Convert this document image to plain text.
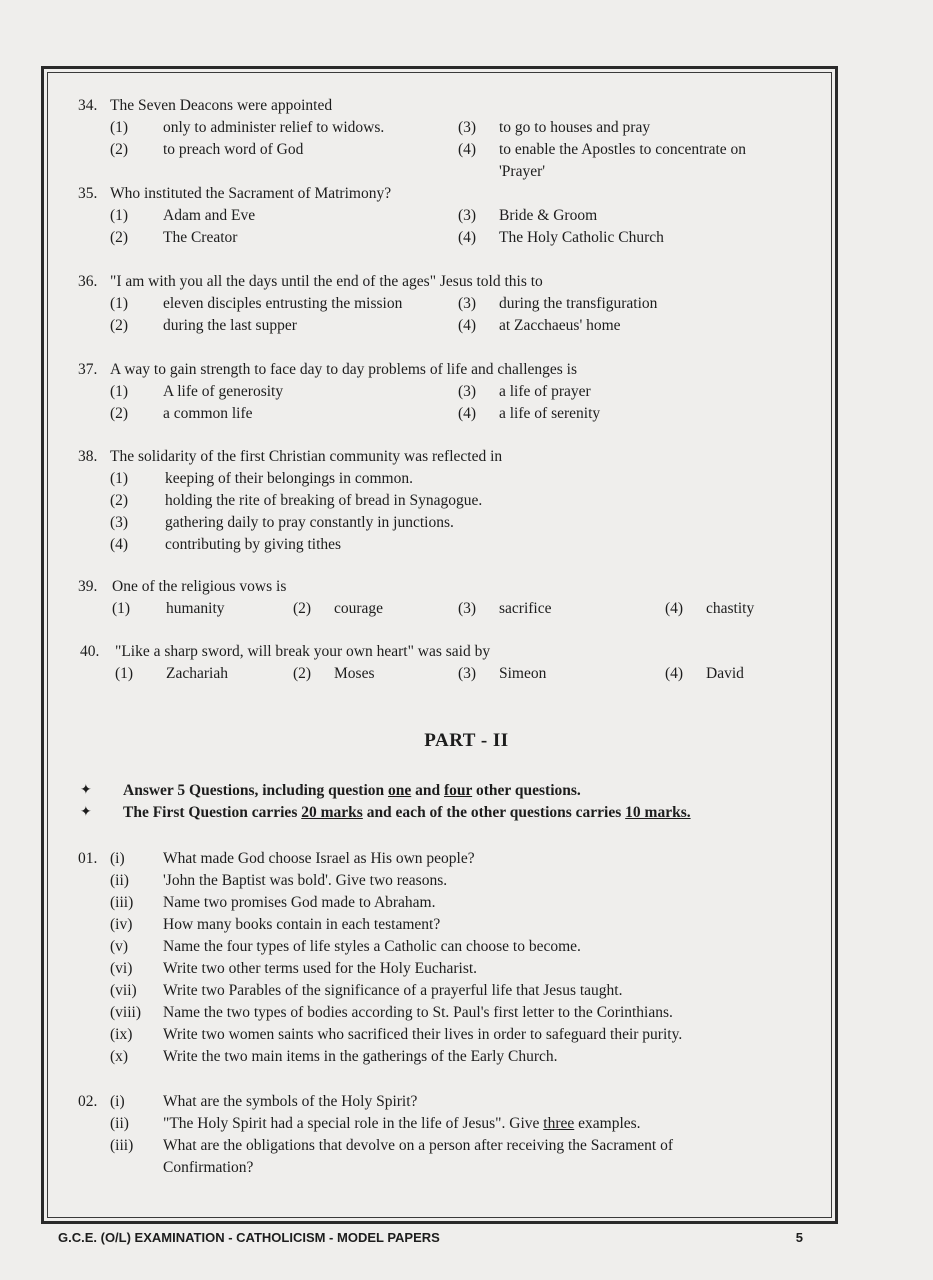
34. The Seven Deacons were appointed
(1) only to administer relief to widows.
(2) to preach word of God
(3) to go to houses and pray
(4) to enable the Apostles to concentrate on
'Prayer'
35. Who instituted the Sacrament of Matrimony?
(1) Adam and Eve
(2) The Creator
(3) Bride & Groom
(4) The Holy Catholic Church
36. "I am with you all the days until the end of the ages" Jesus told this to
(1) eleven disciples entrusting the mission
(2) during the last supper
(3) during the transfiguration
(4) at Zacchaeus' home
37. A way to gain strength to face day to day problems of life and challenges is
(1) A life of generosity
(2) a common life
(3) a life of prayer
(4) a life of serenity
38. The solidarity of the first Christian community was reflected in
(1) keeping of their belongings in common.
(2) holding the rite of breaking of bread in Synagogue.
(3) gathering daily to pray constantly in junctions.
(4) contributing by giving tithes
39. One of the religious vows is
(1) humanity	(2) courage	(3) sacrifice	(4) chastity
40. "Like a sharp sword, will break your own heart" was said by
(1) Zachariah	(2) Moses	(3) Simeon	(4) David
PART - II
✦ Answer 5 Questions, including question one and four other questions.
✦ The First Question carries 20 marks and each of the other questions carries 10 marks.
01. (i) What made God choose Israel as His own people?
(ii) 'John the Baptist was bold'. Give two reasons.
(iii) Name two promises God made to Abraham.
(iv) How many books contain in each testament?
(v) Name the four types of life styles a Catholic can choose to become.
(vi) Write two other terms used for the Holy Eucharist.
(vii) Write two Parables of the significance of a prayerful life that Jesus taught.
(viii) Name the two types of bodies according to St. Paul's first letter to the Corinthians.
(ix) Write two women saints who sacrificed their lives in order to safeguard their purity.
(x) Write the two main items in the gatherings of the Early Church.
02. (i) What are the symbols of the Holy Spirit?
(ii) "The Holy Spirit had a special role in the life of Jesus". Give three examples.
(iii) What are the obligations that devolve on a person after receiving the Sacrament of
Confirmation?
G.C.E. (O/L) EXAMINATION - CATHOLICISM - MODEL PAPERS	5
